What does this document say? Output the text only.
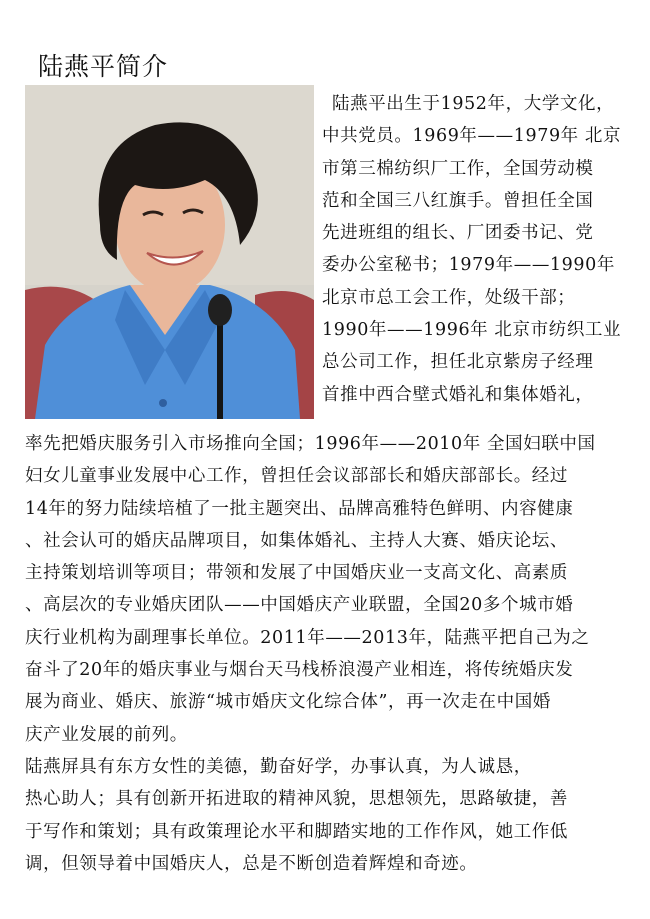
陆燕平简介
陆燕平出生于1952年，大学文化，
中共党员。1969年——1979年 北京
市第三棉纺织厂工作，全国劳动模
范和全国三八红旗手。曾担任全国
先进班组的组长、厂团委书记、党
委办公室秘书；1979年——1990年
北京市总工会工作，处级干部；
1990年——1996年 北京市纺织工业
总公司工作，担任北京紫房子经理
首推中西合壁式婚礼和集体婚礼，
率先把婚庆服务引入市场推向全国；1996年——2010年 全国妇联中国
妇女儿童事业发展中心工作，曾担任会议部部长和婚庆部部长。经过
14年的努力陆续培植了一批主题突出、品牌高雅特色鲜明、内容健康
、社会认可的婚庆品牌项目，如集体婚礼、主持人大赛、婚庆论坛、
主持策划培训等项目；带领和发展了中国婚庆业一支高文化、高素质
、高层次的专业婚庆团队——中国婚庆产业联盟，全国20多个城市婚
庆行业机构为副理事长单位。2011年——2013年，陆燕平把自己为之
奋斗了20年的婚庆事业与烟台天马栈桥浪漫产业相连，将传统婚庆发
展为商业、婚庆、旅游“城市婚庆文化综合体”，再一次走在中国婚
庆产业发展的前列。
陆燕屏具有东方女性的美德，勤奋好学，办事认真，为人诚恳，
热心助人；具有创新开拓进取的精神风貌，思想领先，思路敏捷，善
于写作和策划；具有政策理论水平和脚踏实地的工作作风，她工作低
调，但领导着中国婚庆人，总是不断创造着辉煌和奇迹。
